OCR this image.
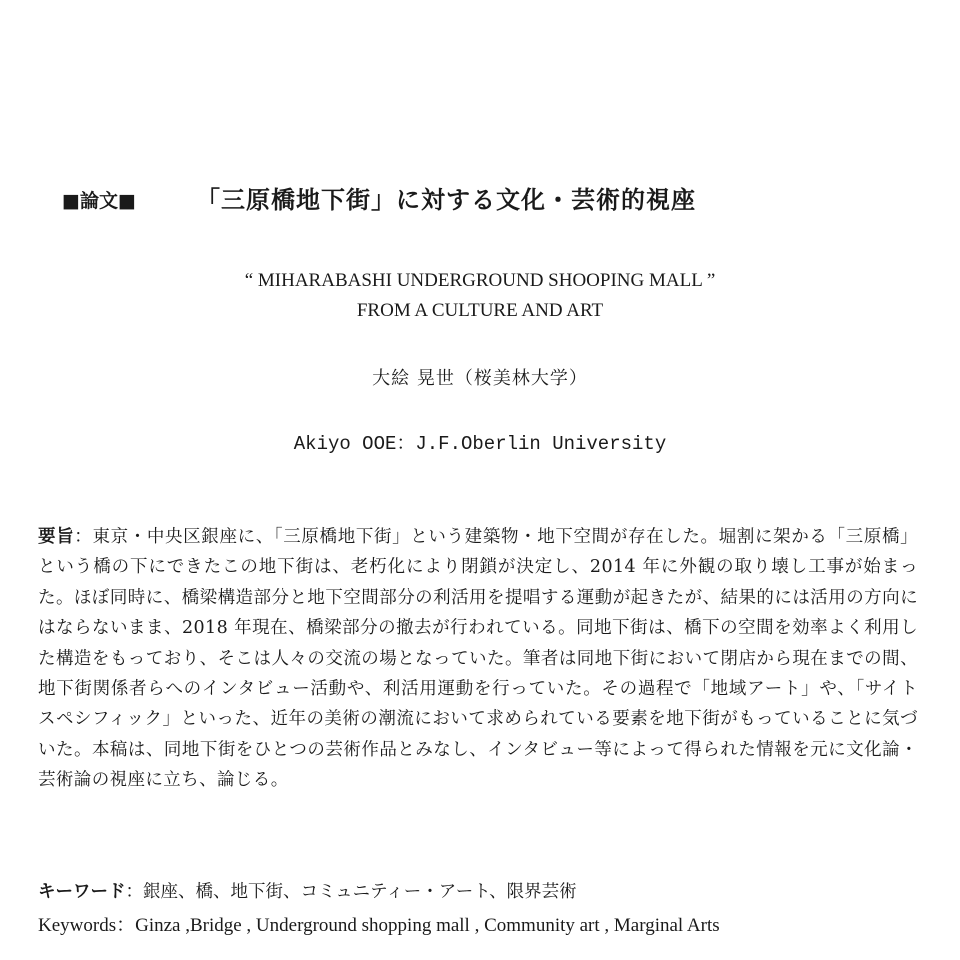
■論文■	「三原橋地下街」に対する文化・芸術的視座
“ MIHARABASHI UNDERGROUND SHOOPING MALL ”
FROM A CULTURE AND ART
大絵 晃世（桜美林大学）
Akiyo OOE：J.F.Oberlin University
要旨：東京・中央区銀座に、「三原橋地下街」という建築物・地下空間が存在した。堀割に架かる「三原橋」という橋の下にできたこの地下街は、老朽化により閉鎖が決定し、2014 年に外観の取り壊し工事が始まった。ほぼ同時に、橋梁構造部分と地下空間部分の利活用を提唱する運動が起きたが、結果的には活用の方向にはならないまま、2018 年現在、橋梁部分の撤去が行われている。同地下街は、橋下の空間を効率よく利用した構造をもっており、そこは人々の交流の場となっていた。筆者は同地下街において閉店から現在までの間、地下街関係者らへのインタビュー活動や、利活用運動を行っていた。その過程で「地域アート」や、「サイトスペシフィック」といった、近年の美術の潮流において求められている要素を地下街がもっていることに気づいた。本稿は、同地下街をひとつの芸術作品とみなし、インタビュー等によって得られた情報を元に文化論・芸術論の視座に立ち、論じる。
キーワード：銀座、橋、地下街、コミュニティー・アート、限界芸術
Keywords：Ginza ,Bridge , Underground shopping mall , Community art , Marginal Arts
